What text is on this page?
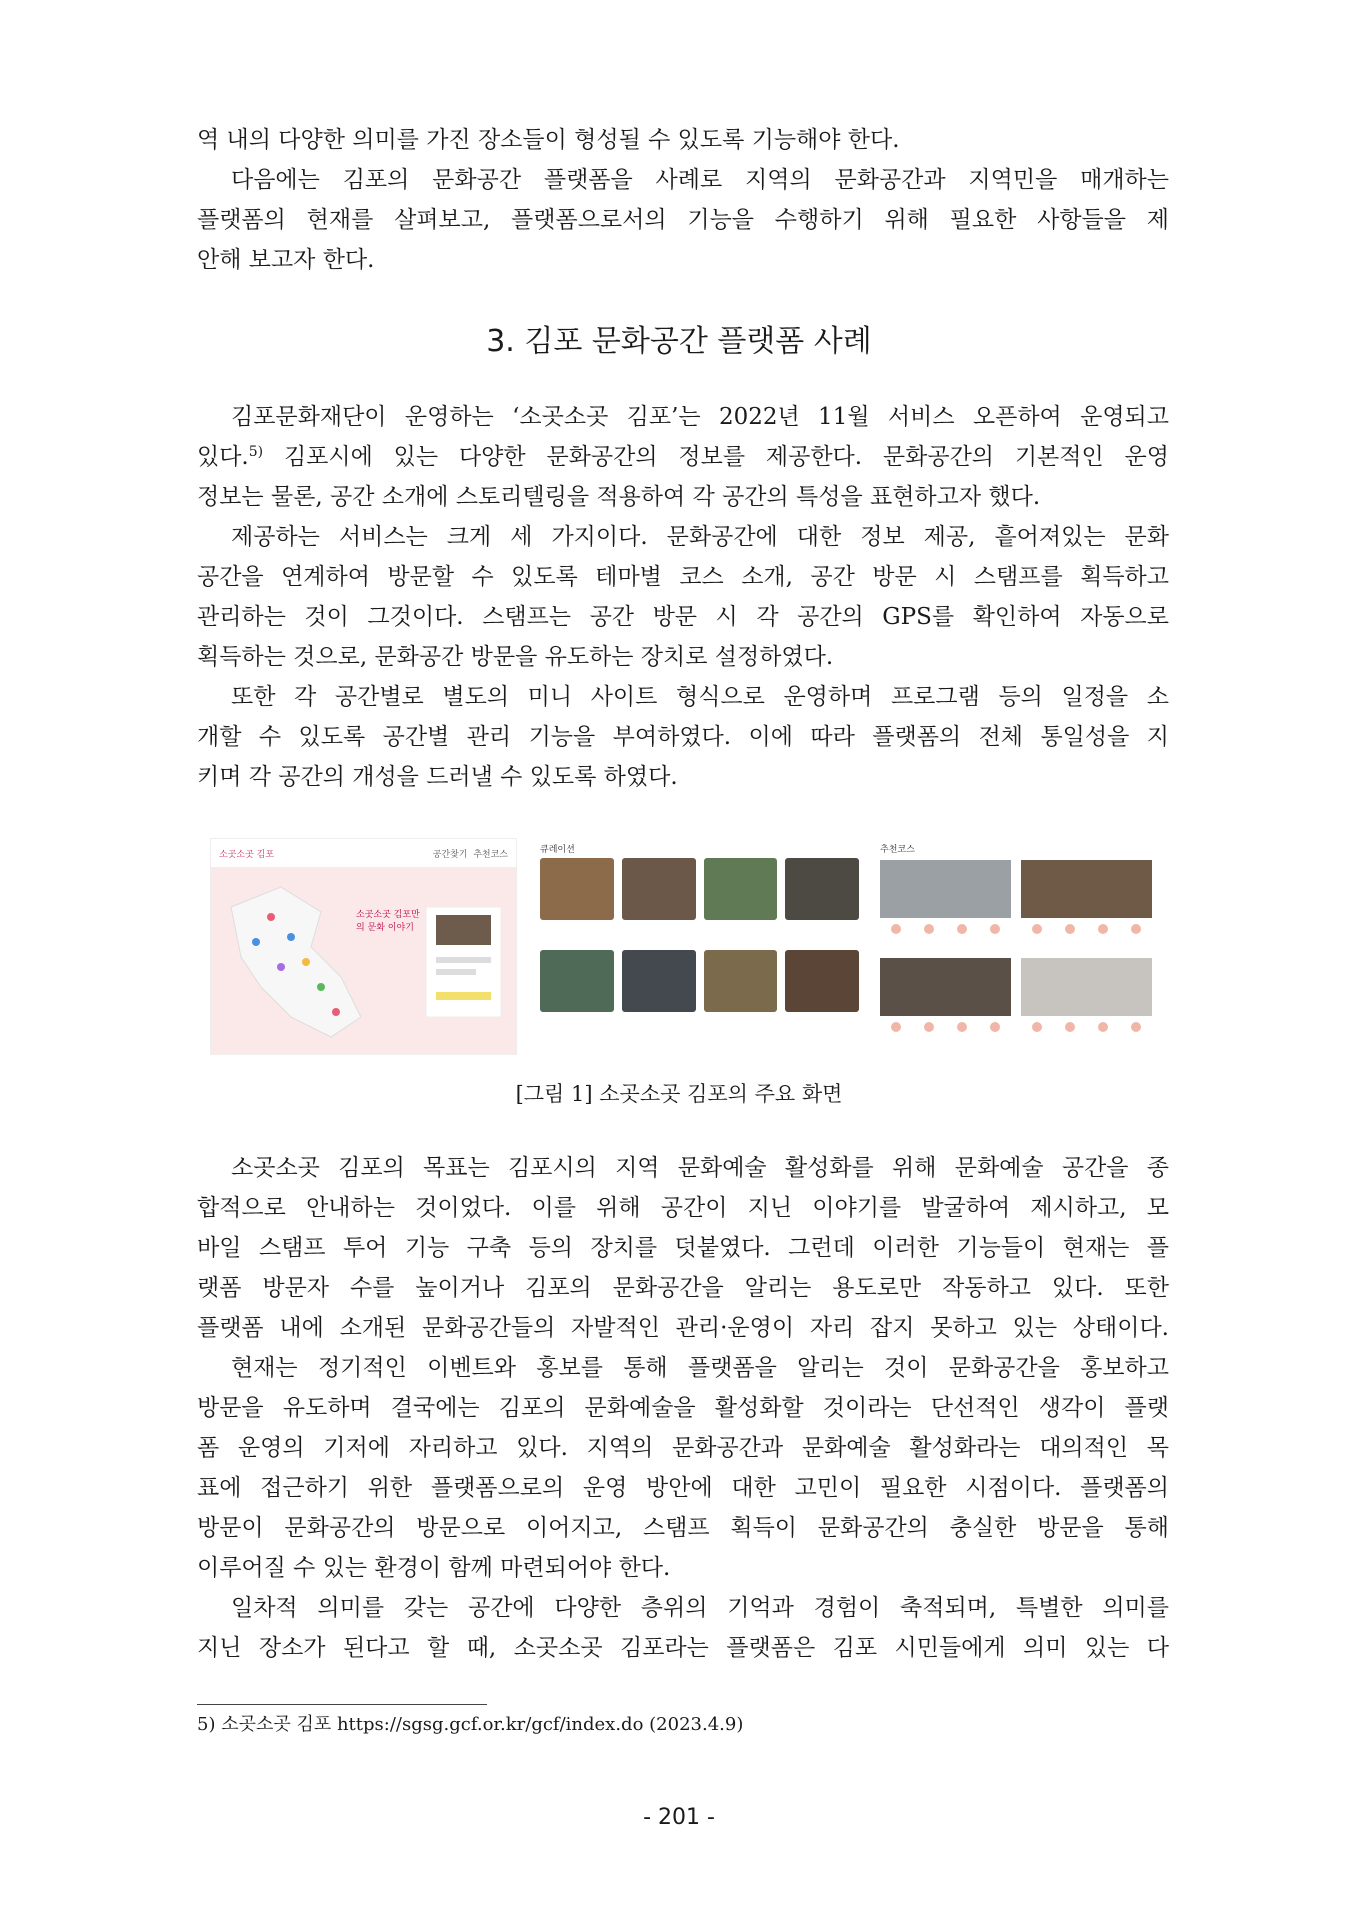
역 내의 다양한 의미를 가진 장소들이 형성될 수 있도록 기능해야 한다.
다음에는 김포의 문화공간 플랫폼을 사례로 지역의 문화공간과 지역민을 매개하는
플랫폼의 현재를 살펴보고, 플랫폼으로서의 기능을 수행하기 위해 필요한 사항들을 제
안해 보고자 한다.
3. 김포 문화공간 플랫폼 사례
김포문화재단이 운영하는 ‘소곳소곳 김포’는 2022년 11월 서비스 오픈하여 운영되고
있다.$^{5)}$ 김포시에 있는 다양한 문화공간의 정보를 제공한다. 문화공간의 기본적인 운영
정보는 물론, 공간 소개에 스토리텔링을 적용하여 각 공간의 특성을 표현하고자 했다.
제공하는 서비스는 크게 세 가지이다. 문화공간에 대한 정보 제공, 흩어져있는 문화
공간을 연계하여 방문할 수 있도록 테마별 코스 소개, 공간 방문 시 스탬프를 획득하고
관리하는 것이 그것이다. 스탬프는 공간 방문 시 각 공간의 GPS를 확인하여 자동으로
획득하는 것으로, 문화공간 방문을 유도하는 장치로 설정하였다.
또한 각 공간별로 별도의 미니 사이트 형식으로 운영하며 프로그램 등의 일정을 소
개할 수 있도록 공간별 관리 기능을 부여하였다. 이에 따라 플랫폼의 전체 통일성을 지
키며 각 공간의 개성을 드러낼 수 있도록 하였다.
소곳소곳 김포	공간찾기 추천코스
소곳소곳 김포만의 문화 이야기
큐레이션	추천코스
[그림 1] 소곳소곳 김포의 주요 화면
소곳소곳 김포의 목표는 김포시의 지역 문화예술 활성화를 위해 문화예술 공간을 종
합적으로 안내하는 것이었다. 이를 위해 공간이 지닌 이야기를 발굴하여 제시하고, 모
바일 스탬프 투어 기능 구축 등의 장치를 덧붙였다. 그런데 이러한 기능들이 현재는 플
랫폼 방문자 수를 높이거나 김포의 문화공간을 알리는 용도로만 작동하고 있다. 또한
플랫폼 내에 소개된 문화공간들의 자발적인 관리·운영이 자리 잡지 못하고 있는 상태이다.
현재는 정기적인 이벤트와 홍보를 통해 플랫폼을 알리는 것이 문화공간을 홍보하고
방문을 유도하며 결국에는 김포의 문화예술을 활성화할 것이라는 단선적인 생각이 플랫
폼 운영의 기저에 자리하고 있다. 지역의 문화공간과 문화예술 활성화라는 대의적인 목
표에 접근하기 위한 플랫폼으로의 운영 방안에 대한 고민이 필요한 시점이다. 플랫폼의
방문이 문화공간의 방문으로 이어지고, 스탬프 획득이 문화공간의 충실한 방문을 통해
이루어질 수 있는 환경이 함께 마련되어야 한다.
일차적 의미를 갖는 공간에 다양한 층위의 기억과 경험이 축적되며, 특별한 의미를
지닌 장소가 된다고 할 때, 소곳소곳 김포라는 플랫폼은 김포 시민들에게 의미 있는 다
5) 소곳소곳 김포 https://sgsg.gcf.or.kr/gcf/index.do (2023.4.9)
- 201 -
